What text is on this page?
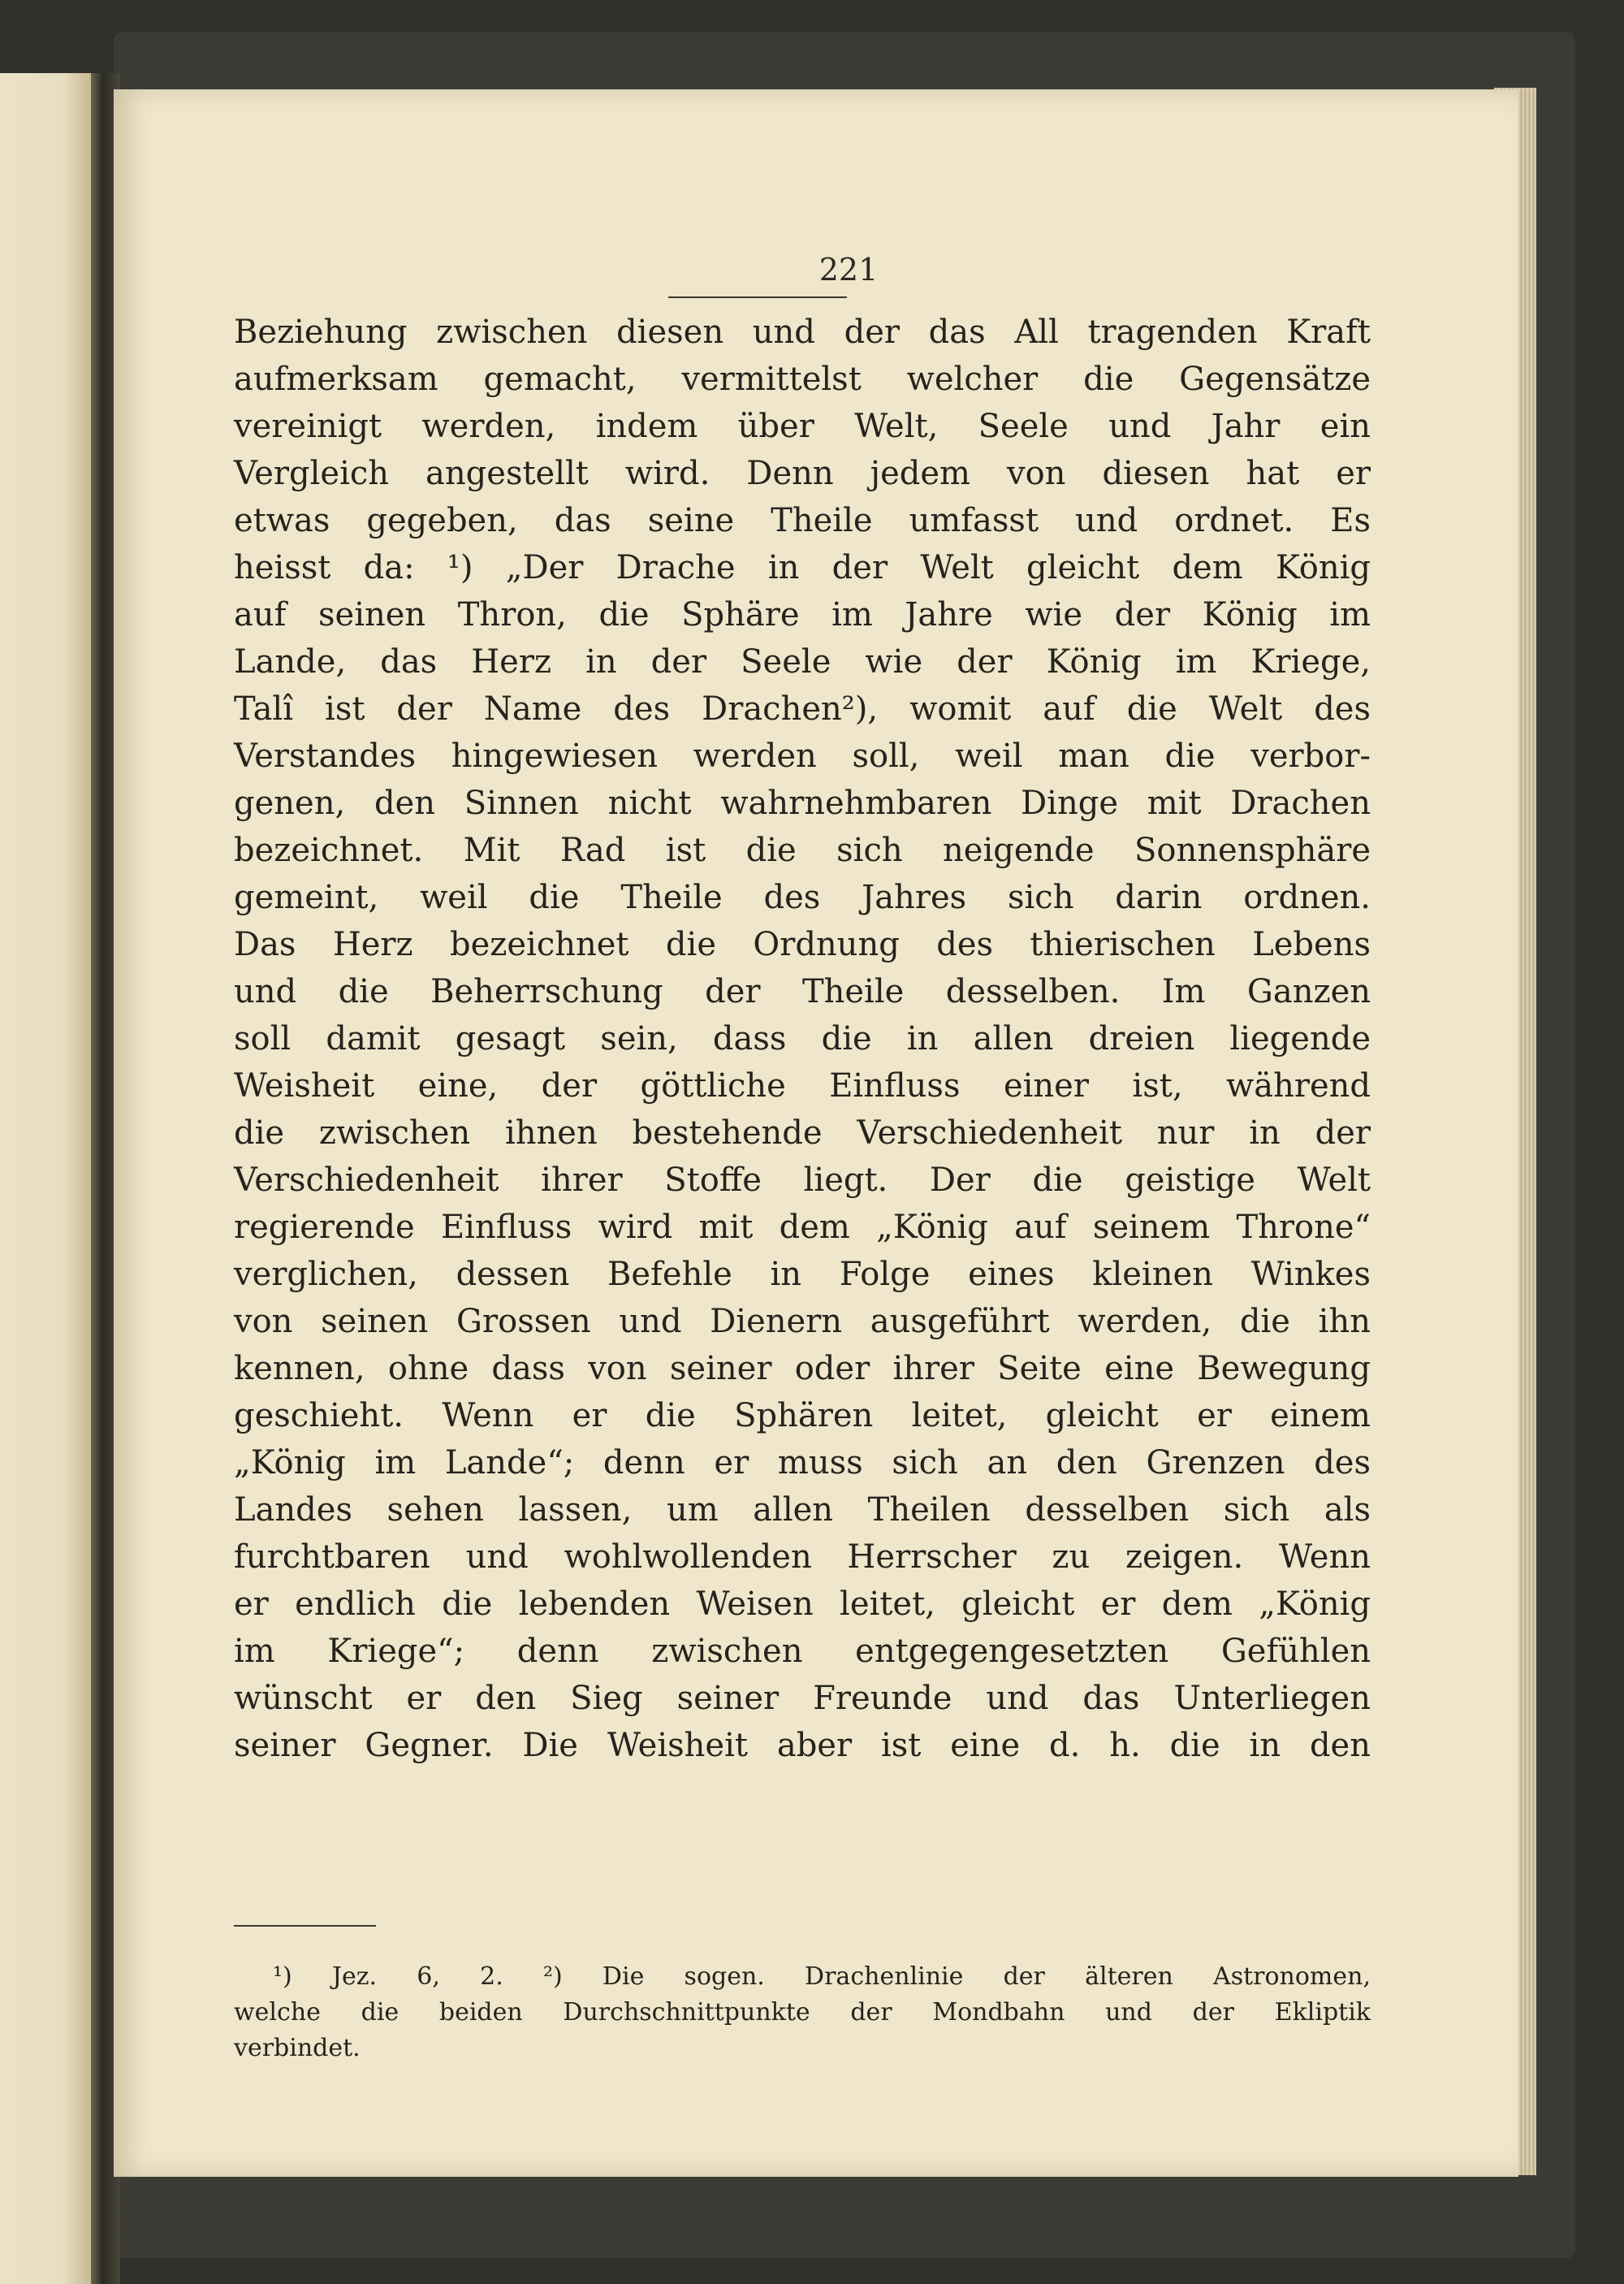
221
Beziehung zwischen diesen und der das All tragenden Kraft
aufmerksam gemacht, vermittelst welcher die Gegensätze
vereinigt werden, indem über Welt, Seele und Jahr ein
Vergleich angestellt wird. Denn jedem von diesen hat er
etwas gegeben, das seine Theile umfasst und ordnet. Es
heisst da: ¹) „Der Drache in der Welt gleicht dem König
auf seinen Thron, die Sphäre im Jahre wie der König im
Lande, das Herz in der Seele wie der König im Kriege,
Talî ist der Name des Drachen²), womit auf die Welt des
Verstandes hingewiesen werden soll, weil man die verbor-
genen, den Sinnen nicht wahrnehmbaren Dinge mit Drachen
bezeichnet. Mit Rad ist die sich neigende Sonnensphäre
gemeint, weil die Theile des Jahres sich darin ordnen.
Das Herz bezeichnet die Ordnung des thierischen Lebens
und die Beherrschung der Theile desselben. Im Ganzen
soll damit gesagt sein, dass die in allen dreien liegende
Weisheit eine, der göttliche Einfluss einer ist, während
die zwischen ihnen bestehende Verschiedenheit nur in der
Verschiedenheit ihrer Stoffe liegt. Der die geistige Welt
regierende Einfluss wird mit dem „König auf seinem Throne“
verglichen, dessen Befehle in Folge eines kleinen Winkes
von seinen Grossen und Dienern ausgeführt werden, die ihn
kennen, ohne dass von seiner oder ihrer Seite eine Bewegung
geschieht. Wenn er die Sphären leitet, gleicht er einem
„König im Lande“; denn er muss sich an den Grenzen des
Landes sehen lassen, um allen Theilen desselben sich als
furchtbaren und wohlwollenden Herrscher zu zeigen. Wenn
er endlich die lebenden Weisen leitet, gleicht er dem „König
im Kriege“; denn zwischen entgegengesetzten Gefühlen
wünscht er den Sieg seiner Freunde und das Unterliegen
seiner Gegner. Die Weisheit aber ist eine d. h. die in den
¹) Jez. 6, 2. ²) Die sogen. Drachenlinie der älteren Astronomen,
welche die beiden Durchschnittpunkte der Mondbahn und der Ekliptik
verbindet.
